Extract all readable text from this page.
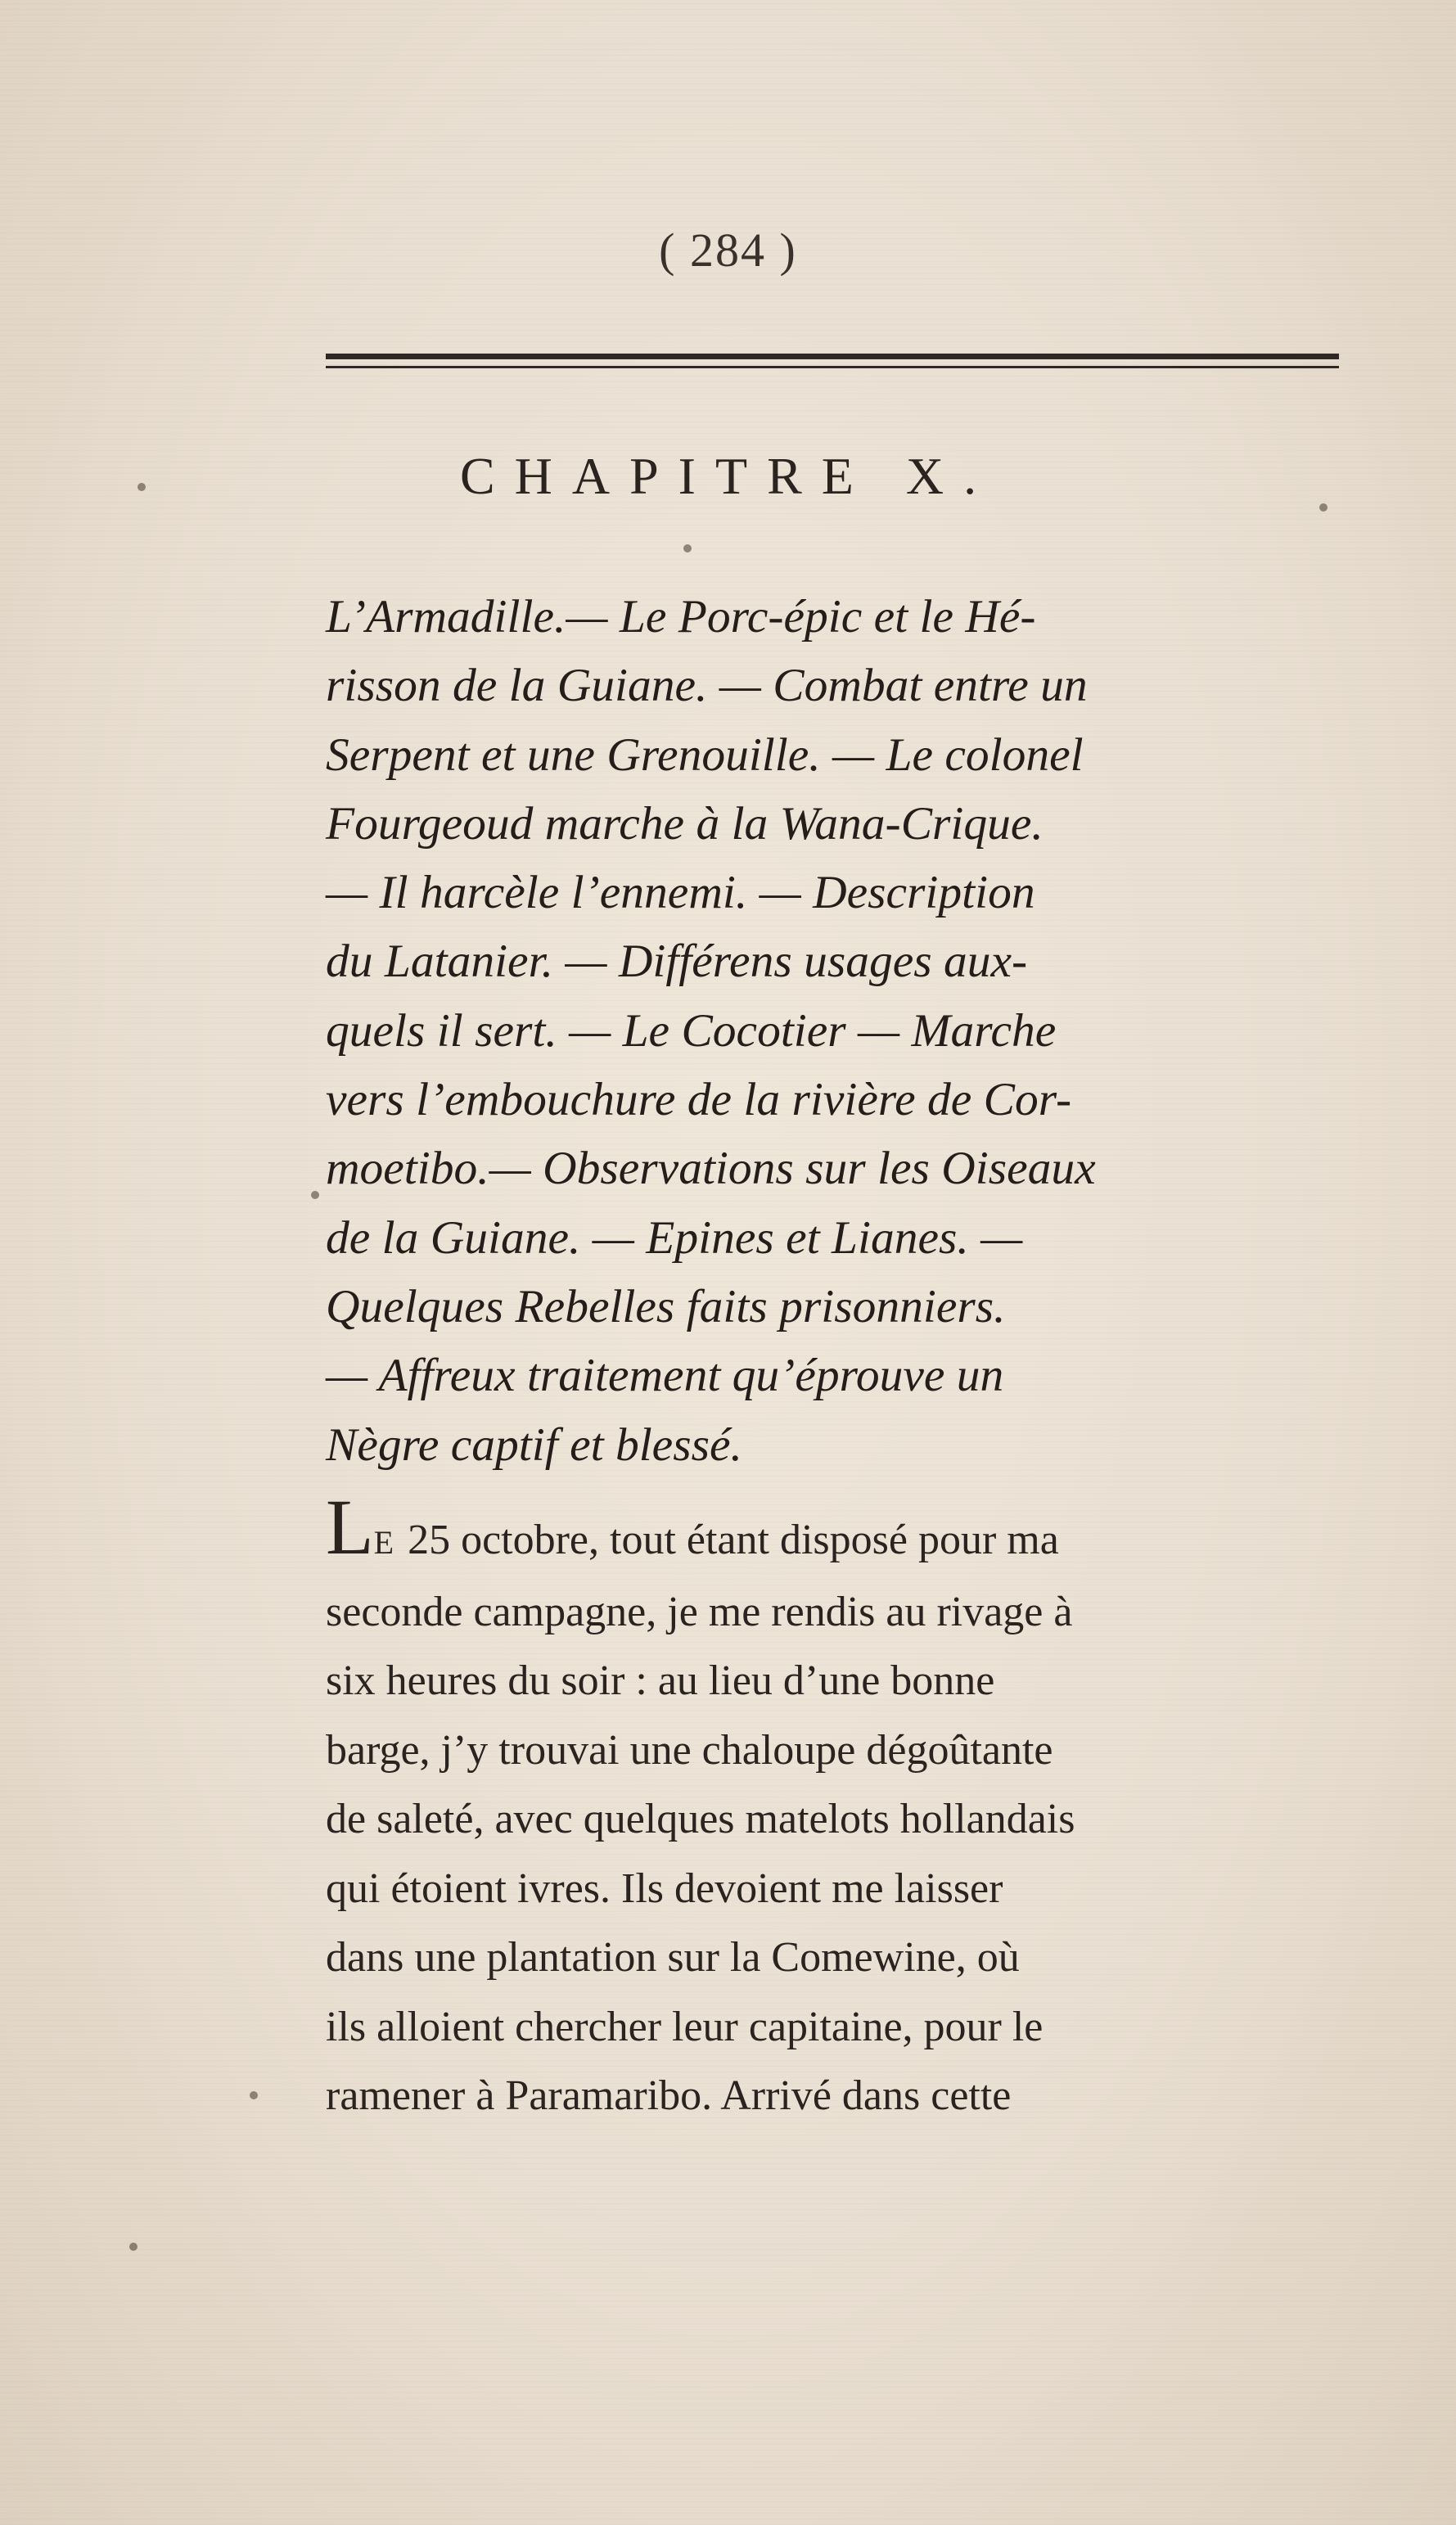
( 284 )
CHAPITRE X.
L’Armadille.— Le Porc-épic et le Hé-
risson de la Guiane. — Combat entre un
Serpent et une Grenouille. — Le colonel
Fourgeoud marche à la Wana-Crique.
— Il harcèle l’ennemi. — Description
du Latanier. — Différens usages aux-
quels il sert. — Le Cocotier — Marche
vers l’embouchure de la rivière de Cor-
moetibo.— Observations sur les Oiseaux
de la Guiane. — Epines et Lianes. —
Quelques Rebelles faits prisonniers.
— Affreux traitement qu’éprouve un
Nègre captif et blessé.
LE 25 octobre, tout étant disposé pour ma
seconde campagne, je me rendis au rivage à
six heures du soir : au lieu d’une bonne
barge, j’y trouvai une chaloupe dégoûtante
de saleté, avec quelques matelots hollandais
qui étoient ivres. Ils devoient me laisser
dans une plantation sur la Comewine, où
ils alloient chercher leur capitaine, pour le
ramener à Paramaribo. Arrivé dans cette
